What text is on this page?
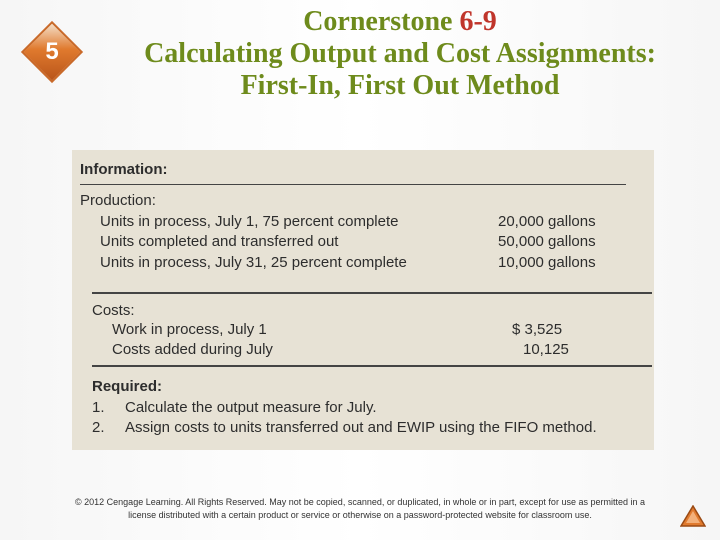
5
Cornerstone 6-9
Calculating Output and Cost Assignments:
First-In, First Out Method
Information:
Production:
Units in process, July 1, 75 percent complete	20,000 gallons
Units completed and transferred out	50,000 gallons
Units in process, July 31, 25 percent complete	10,000 gallons
Costs:
Work in process, July 1	$ 3,525
Costs added during July	10,125
Required:
1. Calculate the output measure for July.
2. Assign costs to units transferred out and EWIP using the FIFO method.
© 2012 Cengage Learning. All Rights Reserved. May not be copied, scanned, or duplicated, in whole or in part, except for use as permitted in a
license distributed with a certain product or service or otherwise on a password-protected website for classroom use.
